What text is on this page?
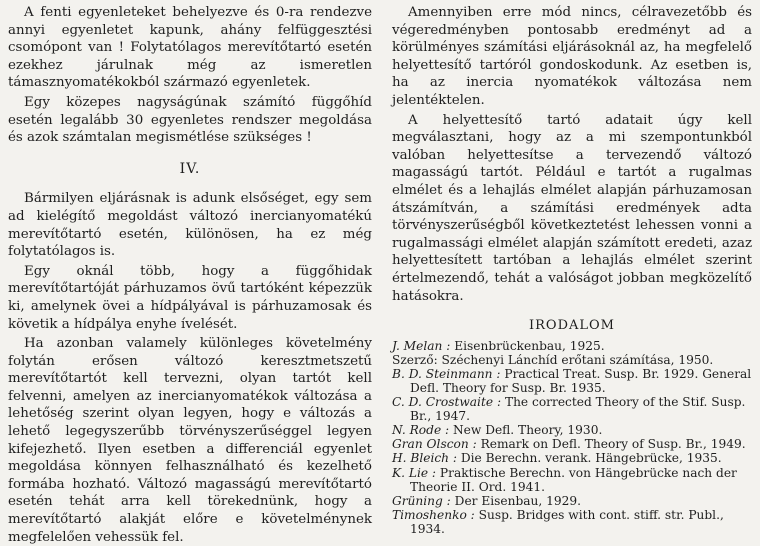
A fenti egyenleteket behelyezve és 0-ra rendezve annyi egyenletet kapunk, ahány felfüggesztési csomópont van ! Folytatólagos merevítőtartó esetén ezekhez járulnak még az ismeretlen támasznyomatékokból származó egyenletek.

Egy közepes nagyságúnak számító függőhíd esetén legalább 30 egyenletes rendszer megoldása és azok számtalan megismétlése szükséges !

IV.

Bármilyen eljárásnak is adunk elsőséget, egy sem ad kielégítő megoldást változó inercianyomatékú merevítőtartó esetén, különösen, ha ez még folytatólagos is.

Egy oknál több, hogy a függőhidak merevítőtartóját párhuzamos övű tartóként képezzük ki, amelynek övei a hídpályával is párhuzamosak és követik a hídpálya enyhe ívelését.

Ha azonban valamely különleges követelmény folytán erősen változó keresztmetszetű merevítőtartót kell tervezni, olyan tartót kell felvenni, amelyen az inercianyomatékok változása a lehetőség szerint olyan legyen, hogy e változás a lehető legegyszerűbb törvényszerűséggel legyen kifejezhető. Ilyen esetben a differenciál egyenlet megoldása könnyen felhasználható és kezelhető formába hozható. Változó magasságú merevítőtartó esetén tehát arra kell törekednünk, hogy a merevítőtartó alakját előre e követelménynek megfelelően vehessük fel.

Amennyiben erre mód nincs, célravezetőbb és végeredményben pontosabb eredményt ad a körülményes számítási eljárásoknál az, ha megfelelő helyettesítő tartóról gondoskodunk. Az esetben is, ha az inercia nyomatékok változása nem jelentéktelen.

A helyettesítő tartó adatait úgy kell megválasztani, hogy az a mi szempontunkból valóban helyettesítse a tervezendő változó magasságú tartót. Például e tartót a rugalmas elmélet és a lehajlás elmélet alapján párhuzamosan átszámítván, a számítási eredmények adta törvényszerűségből következtetést lehessen vonni a rugalmassági elmélet alapján számított eredeti, azaz helyettesített tartóban a lehajlás elmélet szerint értelmezendő, tehát a valóságot jobban megközelítő hatásokra.

IRODALOM
J. Melan : Eisenbrückenbau, 1925.
Szerző: Széchenyi Lánchíd erőtani számítása, 1950.
B. D. Steinmann : Practical Treat. Susp. Br. 1929. General Defl. Theory for Susp. Br. 1935.
C. D. Crostwaite : The corrected Theory of the Stif. Susp. Br., 1947.
N. Rode : New Defl. Theory, 1930.
Gran Olscon : Remark on Defl. Theory of Susp. Br., 1949.
H. Bleich : Die Berechn. verank. Hängebrücke, 1935.
K. Lie : Praktische Berechn. von Hängebrücke nach der Theorie II. Ord. 1941.
Grüning : Der Eisenbau, 1929.
Timoshenko : Susp. Bridges with cont. stiff. str. Publ., 1934.
